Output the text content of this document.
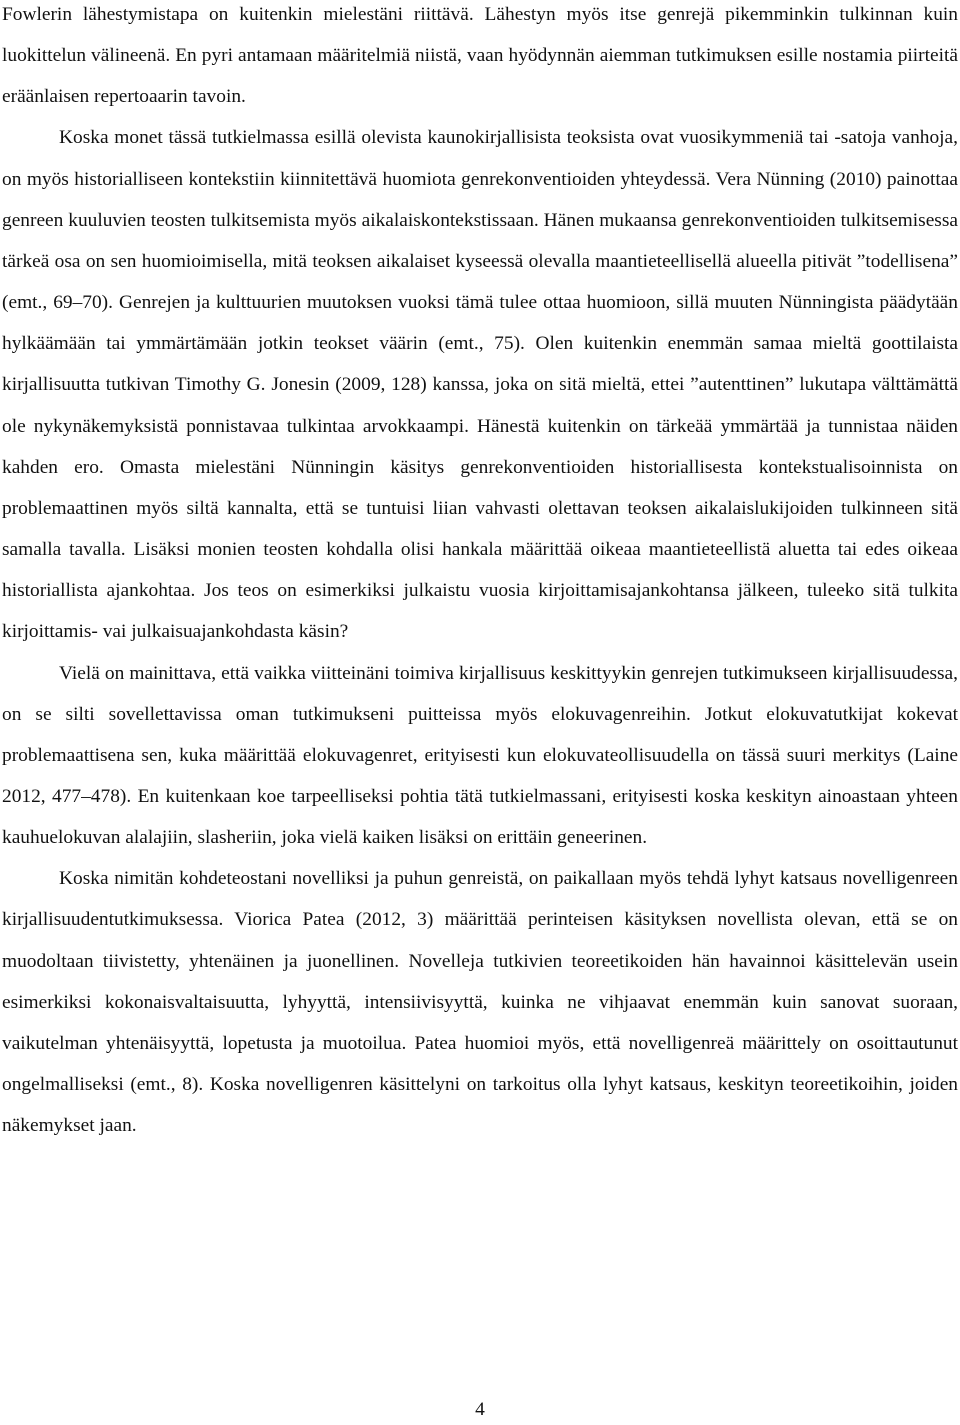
Fowlerin lähestymistapa on kuitenkin mielestäni riittävä. Lähestyn myös itse genrejä pikemminkin tulkinnan kuin luokittelun välineenä. En pyri antamaan määritelmiä niistä, vaan hyödynnän aiemman tutkimuksen esille nostamia piirteitä eräänlaisen repertoaarin tavoin.

Koska monet tässä tutkielmassa esillä olevista kaunokirjallisista teoksista ovat vuosikymmeniä tai -satoja vanhoja, on myös historialliseen kontekstiin kiinnitettävä huomiota genrekonventioiden yhteydessä. Vera Nünning (2010) painottaa genreen kuuluvien teosten tulkitsemista myös aikalaiskontekstissaan. Hänen mukaansa genrekonventioiden tulkitsemisessa tärkeä osa on sen huomioimisella, mitä teoksen aikalaiset kyseessä olevalla maantieteellisellä alueella pitivät ”todellisena” (emt., 69–70). Genrejen ja kulttuurien muutoksen vuoksi tämä tulee ottaa huomioon, sillä muuten Nünningista päädytään hylkäämään tai ymmärtämään jotkin teokset väärin (emt., 75). Olen kuitenkin enemmän samaa mieltä goottilaista kirjallisuutta tutkivan Timothy G. Jonesin (2009, 128) kanssa, joka on sitä mieltä, ettei ”autenttinen” lukutapa välttämättä ole nykynäkemyksistä ponnistavaa tulkintaa arvokkaampi. Hänestä kuitenkin on tärkeää ymmärtää ja tunnistaa näiden kahden ero. Omasta mielestäni Nünningin käsitys genrekonventioiden historiallisesta kontekstualisoinnista on problemaattinen myös siltä kannalta, että se tuntuisi liian vahvasti olettavan teoksen aikalaislukijoiden tulkinneen sitä samalla tavalla. Lisäksi monien teosten kohdalla olisi hankala määrittää oikeaa maantieteellistä aluetta tai edes oikeaa historiallista ajankohtaa. Jos teos on esimerkiksi julkaistu vuosia kirjoittamisajankohtansa jälkeen, tuleeko sitä tulkita kirjoittamis- vai julkaisuajankohdasta käsin?

Vielä on mainittava, että vaikka viitteinäni toimiva kirjallisuus keskittyykin genrejen tutkimukseen kirjallisuudessa, on se silti sovellettavissa oman tutkimukseni puitteissa myös elokuvagenreihin. Jotkut elokuvatutkijat kokevat problemaattisena sen, kuka määrittää elokuvagenret, erityisesti kun elokuvateollisuudella on tässä suuri merkitys (Laine 2012, 477–478). En kuitenkaan koe tarpeelliseksi pohtia tätä tutkielmassani, erityisesti koska keskityn ainoastaan yhteen kauhuelokuvan alalajiin, slasheriin, joka vielä kaiken lisäksi on erittäin geneerinen.

Koska nimitän kohdeteostani novelliksi ja puhun genreistä, on paikallaan myös tehdä lyhyt katsaus novelligenreen kirjallisuudentutkimuksessa. Viorica Patea (2012, 3) määrittää perinteisen käsityksen novellista olevan, että se on muodoltaan tiivistetty, yhtenäinen ja juonellinen. Novelleja tutkivien teoreetikoiden hän havainnoi käsittelevän usein esimerkiksi kokonaisvaltaisuutta, lyhyyttä, intensiivisyyttä, kuinka ne vihjaavat enemmän kuin sanovat suoraan, vaikutelman yhtenäisyyttä, lopetusta ja muotoilua. Patea huomioi myös, että novelligenreä määrittely on osoittautunut ongelmalliseksi (emt., 8). Koska novelligenren käsittelyni on tarkoitus olla lyhyt katsaus, keskityn teoreetikoihin, joiden näkemykset jaan.

4
